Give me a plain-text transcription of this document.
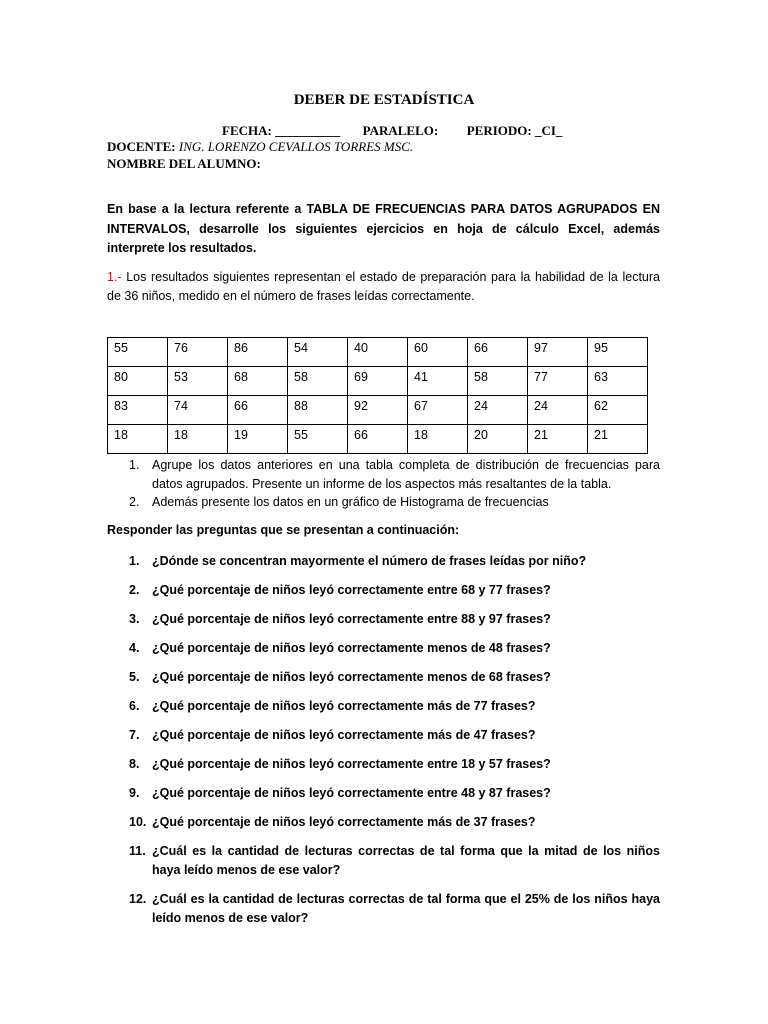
DEBER DE ESTADÍSTICA
FECHA: __________ PARALELO: PERIODO: _CI_
DOCENTE: ING. LORENZO CEVALLOS TORRES MSC.
NOMBRE DEL ALUMNO:
En base a la lectura referente a TABLA DE FRECUENCIAS PARA DATOS AGRUPADOS EN INTERVALOS, desarrolle los siguientes ejercicios en hoja de cálculo Excel, además interprete los resultados.
1.- Los resultados siguientes representan el estado de preparación para la habilidad de la lectura de 36 niños, medido en el número de frases leídas correctamente.
55	76	86	54	40	60	66	97	95

80	53	68	58	69	41	58	77	63

83	74	66	88	92	67	24	24	62

18	18	19	55	66	18	20	21	21
1. Agrupe los datos anteriores en una tabla completa de distribución de frecuencias para datos agrupados. Presente un informe de los aspectos más resaltantes de la tabla.
2. Además presente los datos en un gráfico de Histograma de frecuencias
Responder las preguntas que se presentan a continuación:
1. ¿Dónde se concentran mayormente el número de frases leídas por niño?
2. ¿Qué porcentaje de niños leyó correctamente entre 68 y 77 frases?
3. ¿Qué porcentaje de niños leyó correctamente entre 88 y 97 frases?
4. ¿Qué porcentaje de niños leyó correctamente menos de 48 frases?
5. ¿Qué porcentaje de niños leyó correctamente menos de 68 frases?
6. ¿Qué porcentaje de niños leyó correctamente más de 77 frases?
7. ¿Qué porcentaje de niños leyó correctamente más de 47 frases?
8. ¿Qué porcentaje de niños leyó correctamente entre 18 y 57 frases?
9. ¿Qué porcentaje de niños leyó correctamente entre 48 y 87 frases?
10. ¿Qué porcentaje de niños leyó correctamente más de 37 frases?
11. ¿Cuál es la cantidad de lecturas correctas de tal forma que la mitad de los niños haya leído menos de ese valor?
12. ¿Cuál es la cantidad de lecturas correctas de tal forma que el 25% de los niños haya leído menos de ese valor?
